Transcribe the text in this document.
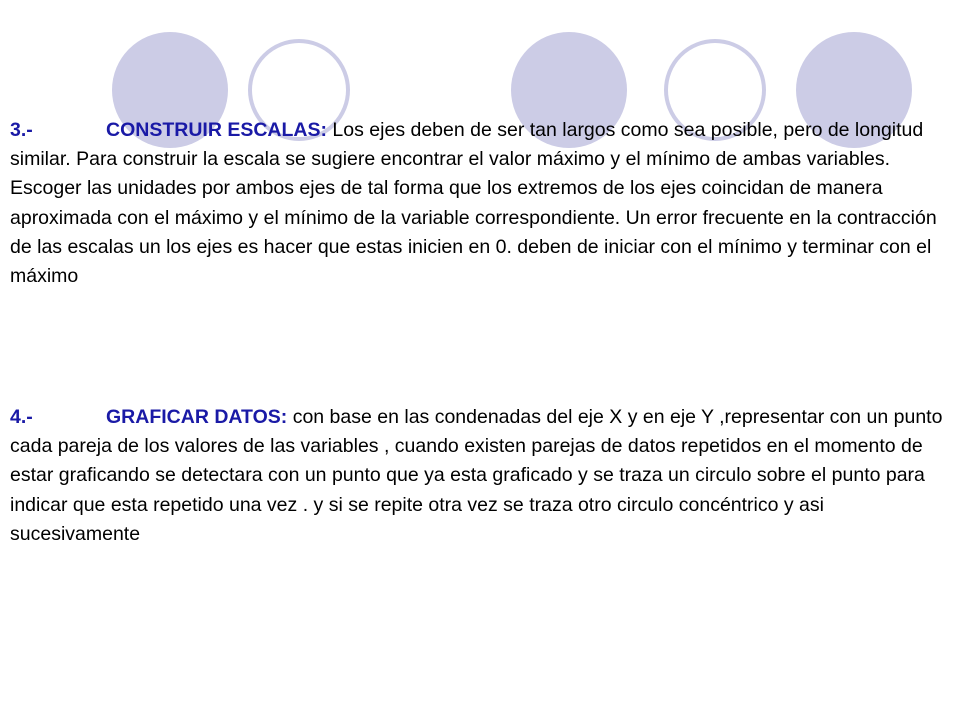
3.-	CONSTRUIR ESCALAS: Los ejes deben de ser tan largos como sea posible, pero de longitud similar. Para construir la escala se sugiere encontrar el valor máximo y el mínimo de ambas variables. Escoger las unidades por ambos ejes de tal forma que los extremos de los ejes coincidan de manera aproximada con el máximo y el mínimo de la variable correspondiente. Un error frecuente en la contracción de las escalas un los ejes es hacer que estas inicien en 0. deben de iniciar con el mínimo y terminar con el máximo
4.-	GRAFICAR DATOS: con base en las condenadas del eje X y en eje Y ,representar con un punto cada pareja de los valores de las variables , cuando existen parejas de datos repetidos en el momento de estar graficando se detectara con un punto que ya esta graficado y se traza un circulo sobre el punto para indicar que esta repetido una vez . y si se repite otra vez se traza otro circulo concéntrico y asi sucesivamente
